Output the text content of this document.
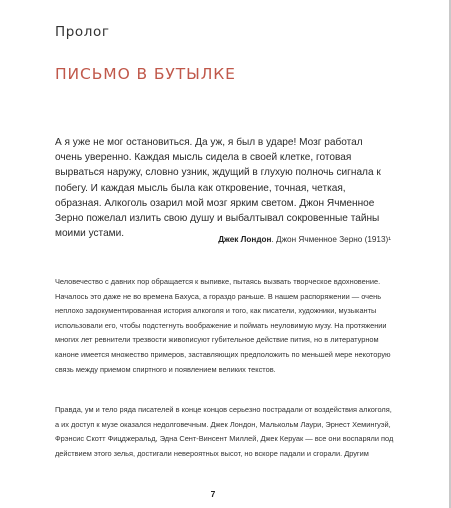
Пролог
ПИСЬМО В БУТЫЛКЕ

А я уже не мог остановиться. Да уж, я был в ударе! Мозг работал очень уверенно. Каждая мысль сидела в своей клетке, готовая вырваться наружу, словно узник, ждущий в глухую полночь сигнала к побегу. И каждая мысль была как откровение, точная, четкая, образная. Алкоголь озарил мой мозг ярким светом. Джон Ячменное Зерно пожелал излить свою душу и выбалтывал сокровенные тайны моими устами.

Джек Лондон. Джон Ячменное Зерно (1913)¹

Человечество с давних пор обращается к выпивке, пытаясь вызвать творческое вдохновение. Началось это даже не во времена Бахуса, а гораздо раньше. В нашем распоряжении — очень неплохо задокументированная история алкоголя и того, как писатели, художники, музыканты использовали его, чтобы подстегнуть воображение и поймать неуловимую музу. На протяжении многих лет ревнители трезвости живописуют губительное действие пития, но в литературном каноне имеется множество примеров, заставляющих предположить по меньшей мере некоторую связь между приемом спиртного и появлением великих текстов.

Правда, ум и тело ряда писателей в конце концов серьезно пострадали от воздействия алкоголя, а их доступ к музе оказался недолговечным. Джек Лондон, Малькольм Лаури, Эрнест Хемингуэй, Фрэнсис Скотт Фицджеральд, Эдна Сент-Винсент Миллей, Джек Керуак — все они воспаряли под действием этого зелья, достигали невероятных высот, но вскоре падали и сгорали. Другим

7
